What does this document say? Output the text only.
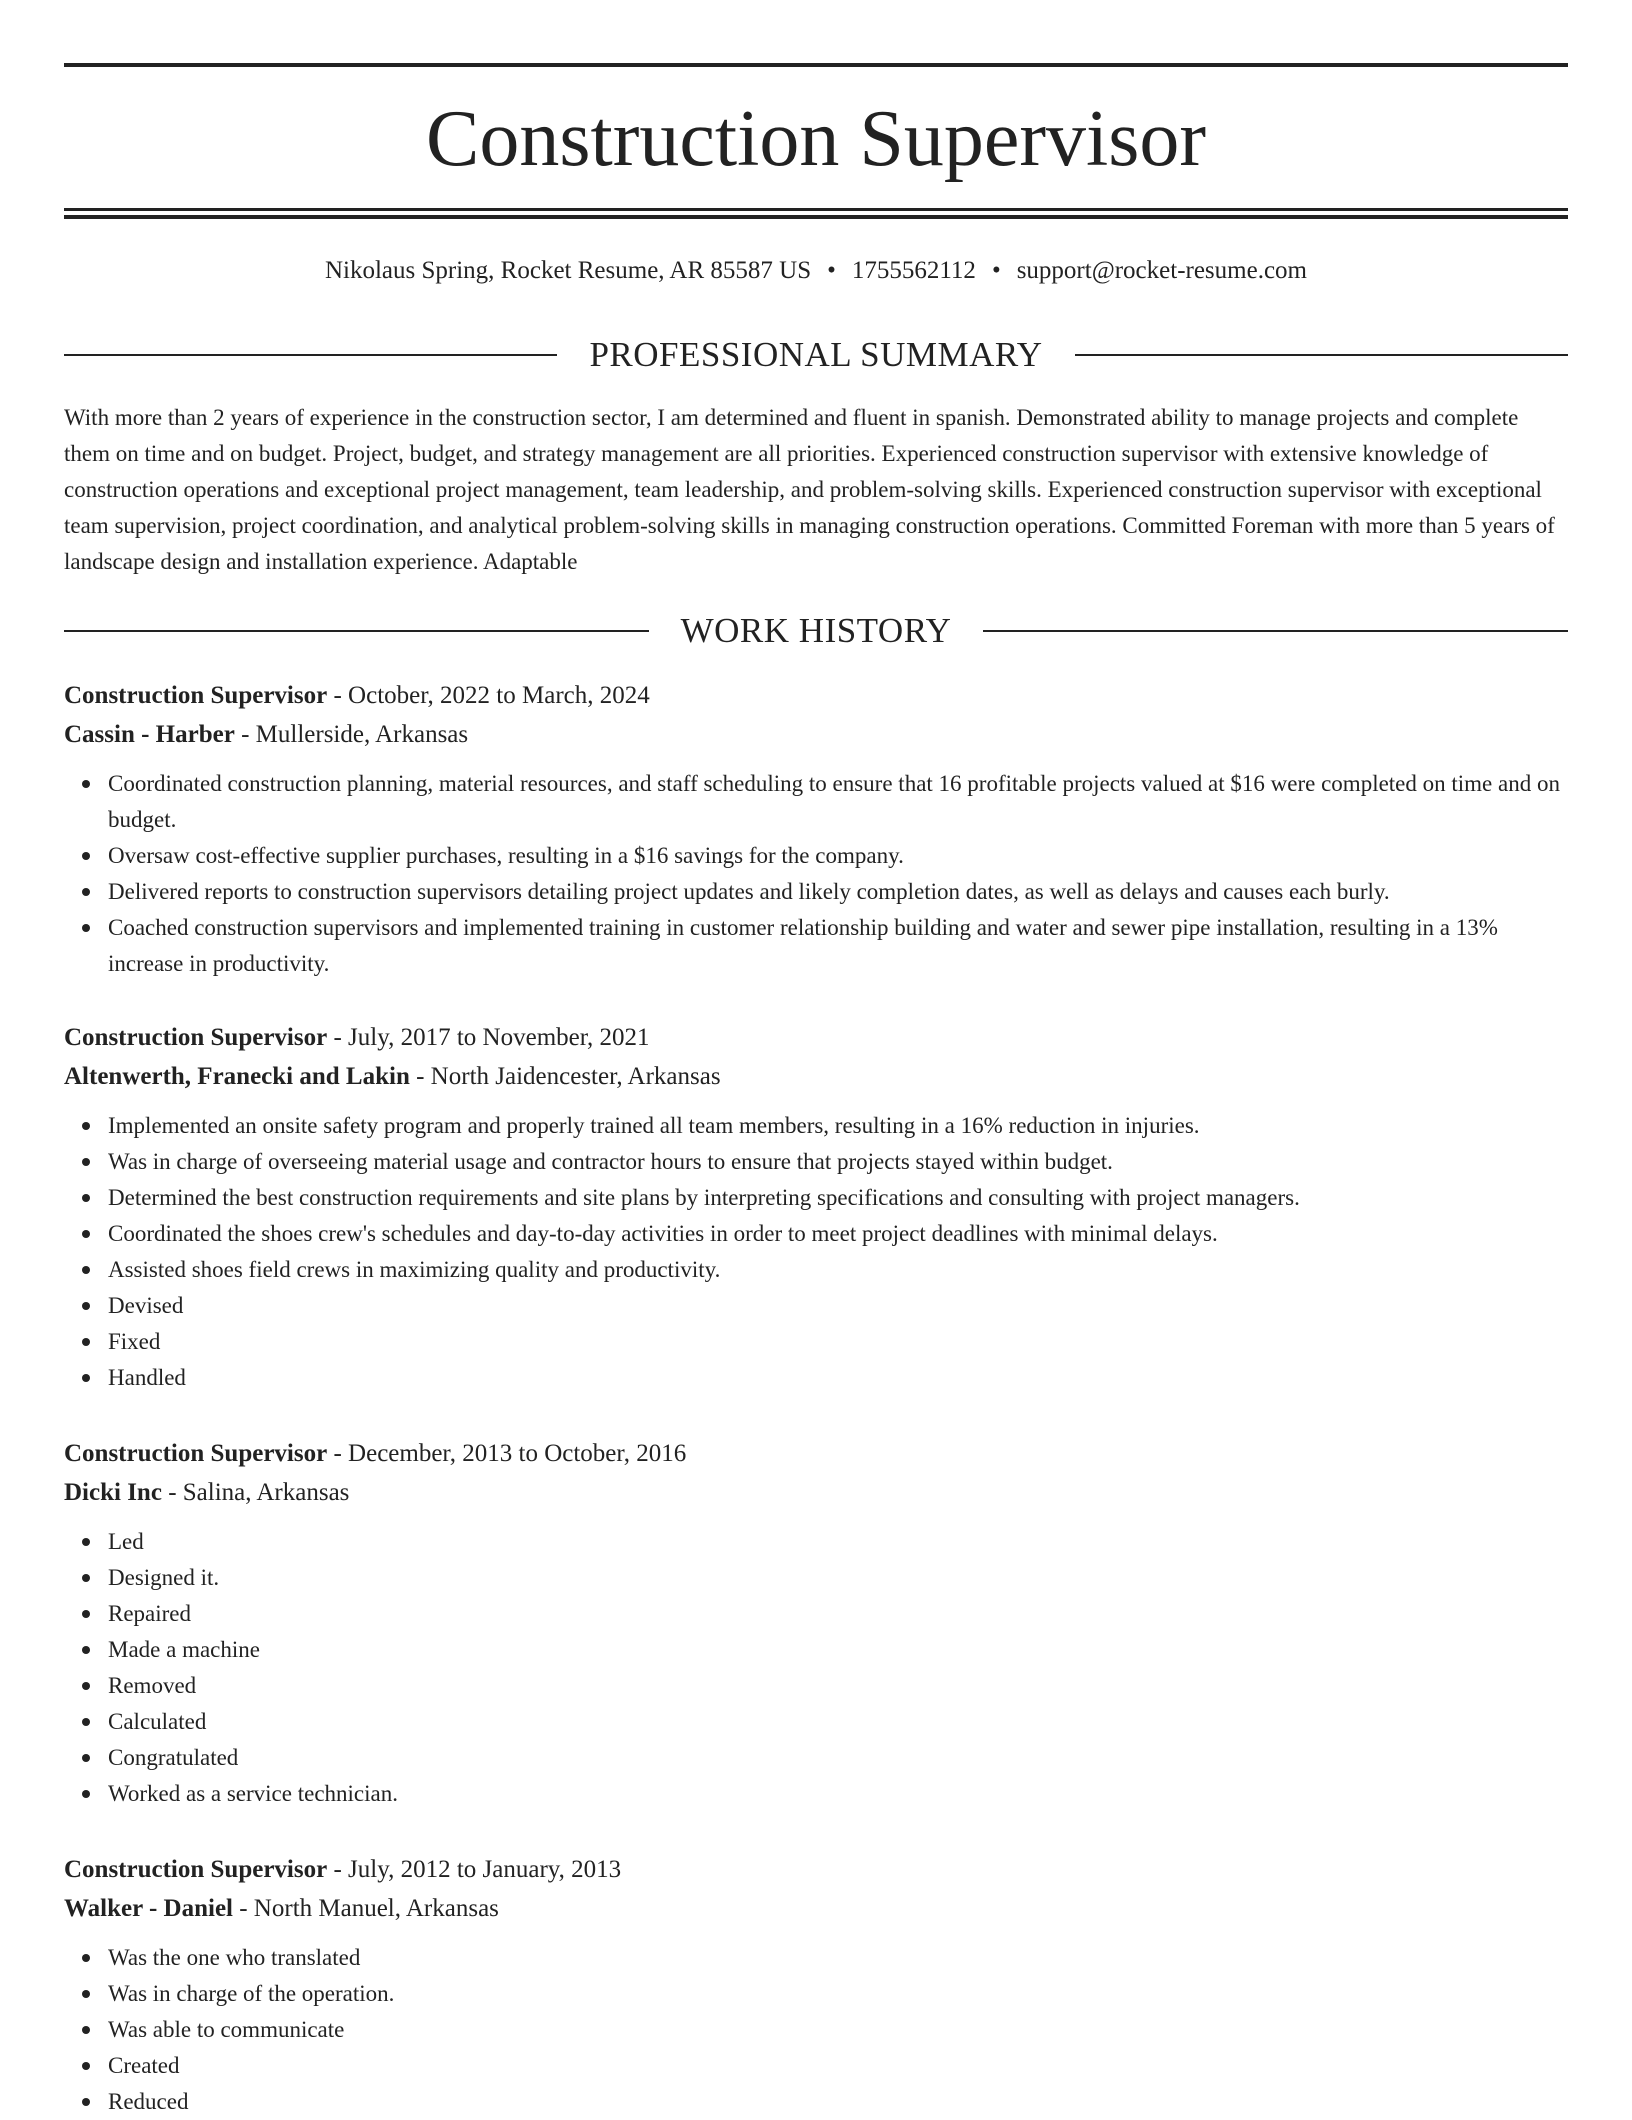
Construction Supervisor
Nikolaus Spring, Rocket Resume, AR 85587 US • 1755562112 • support@rocket-resume.com
PROFESSIONAL SUMMARY

With more than 2 years of experience in the construction sector, I am determined and fluent in spanish. Demonstrated ability to manage projects and complete them on time and on budget. Project, budget, and strategy management are all priorities. Experienced construction supervisor with extensive knowledge of construction operations and exceptional project management, team leadership, and problem-solving skills. Experienced construction supervisor with exceptional team supervision, project coordination, and analytical problem-solving skills in managing construction operations. Committed Foreman with more than 5 years of landscape design and installation experience. Adaptable

WORK HISTORY
Construction Supervisor - October, 2022 to March, 2024
Cassin - Harber - Mullerside, Arkansas
Coordinated construction planning, material resources, and staff scheduling to ensure that 16 profitable projects valued at $16 were completed on time and on budget.
Oversaw cost-effective supplier purchases, resulting in a $16 savings for the company.
Delivered reports to construction supervisors detailing project updates and likely completion dates, as well as delays and causes each burly.
Coached construction supervisors and implemented training in customer relationship building and water and sewer pipe installation, resulting in a 13% increase in productivity.
Construction Supervisor - July, 2017 to November, 2021
Altenwerth, Franecki and Lakin - North Jaidencester, Arkansas
Implemented an onsite safety program and properly trained all team members, resulting in a 16% reduction in injuries.
Was in charge of overseeing material usage and contractor hours to ensure that projects stayed within budget.
Determined the best construction requirements and site plans by interpreting specifications and consulting with project managers.
Coordinated the shoes crew's schedules and day-to-day activities in order to meet project deadlines with minimal delays.
Assisted shoes field crews in maximizing quality and productivity.
Devised
Fixed
Handled
Construction Supervisor - December, 2013 to October, 2016
Dicki Inc - Salina, Arkansas
Led
Designed it.
Repaired
Made a machine
Removed
Calculated
Congratulated
Worked as a service technician.
Construction Supervisor - July, 2012 to January, 2013
Walker - Daniel - North Manuel, Arkansas
Was the one who translated
Was in charge of the operation.
Was able to communicate
Created
Reduced
